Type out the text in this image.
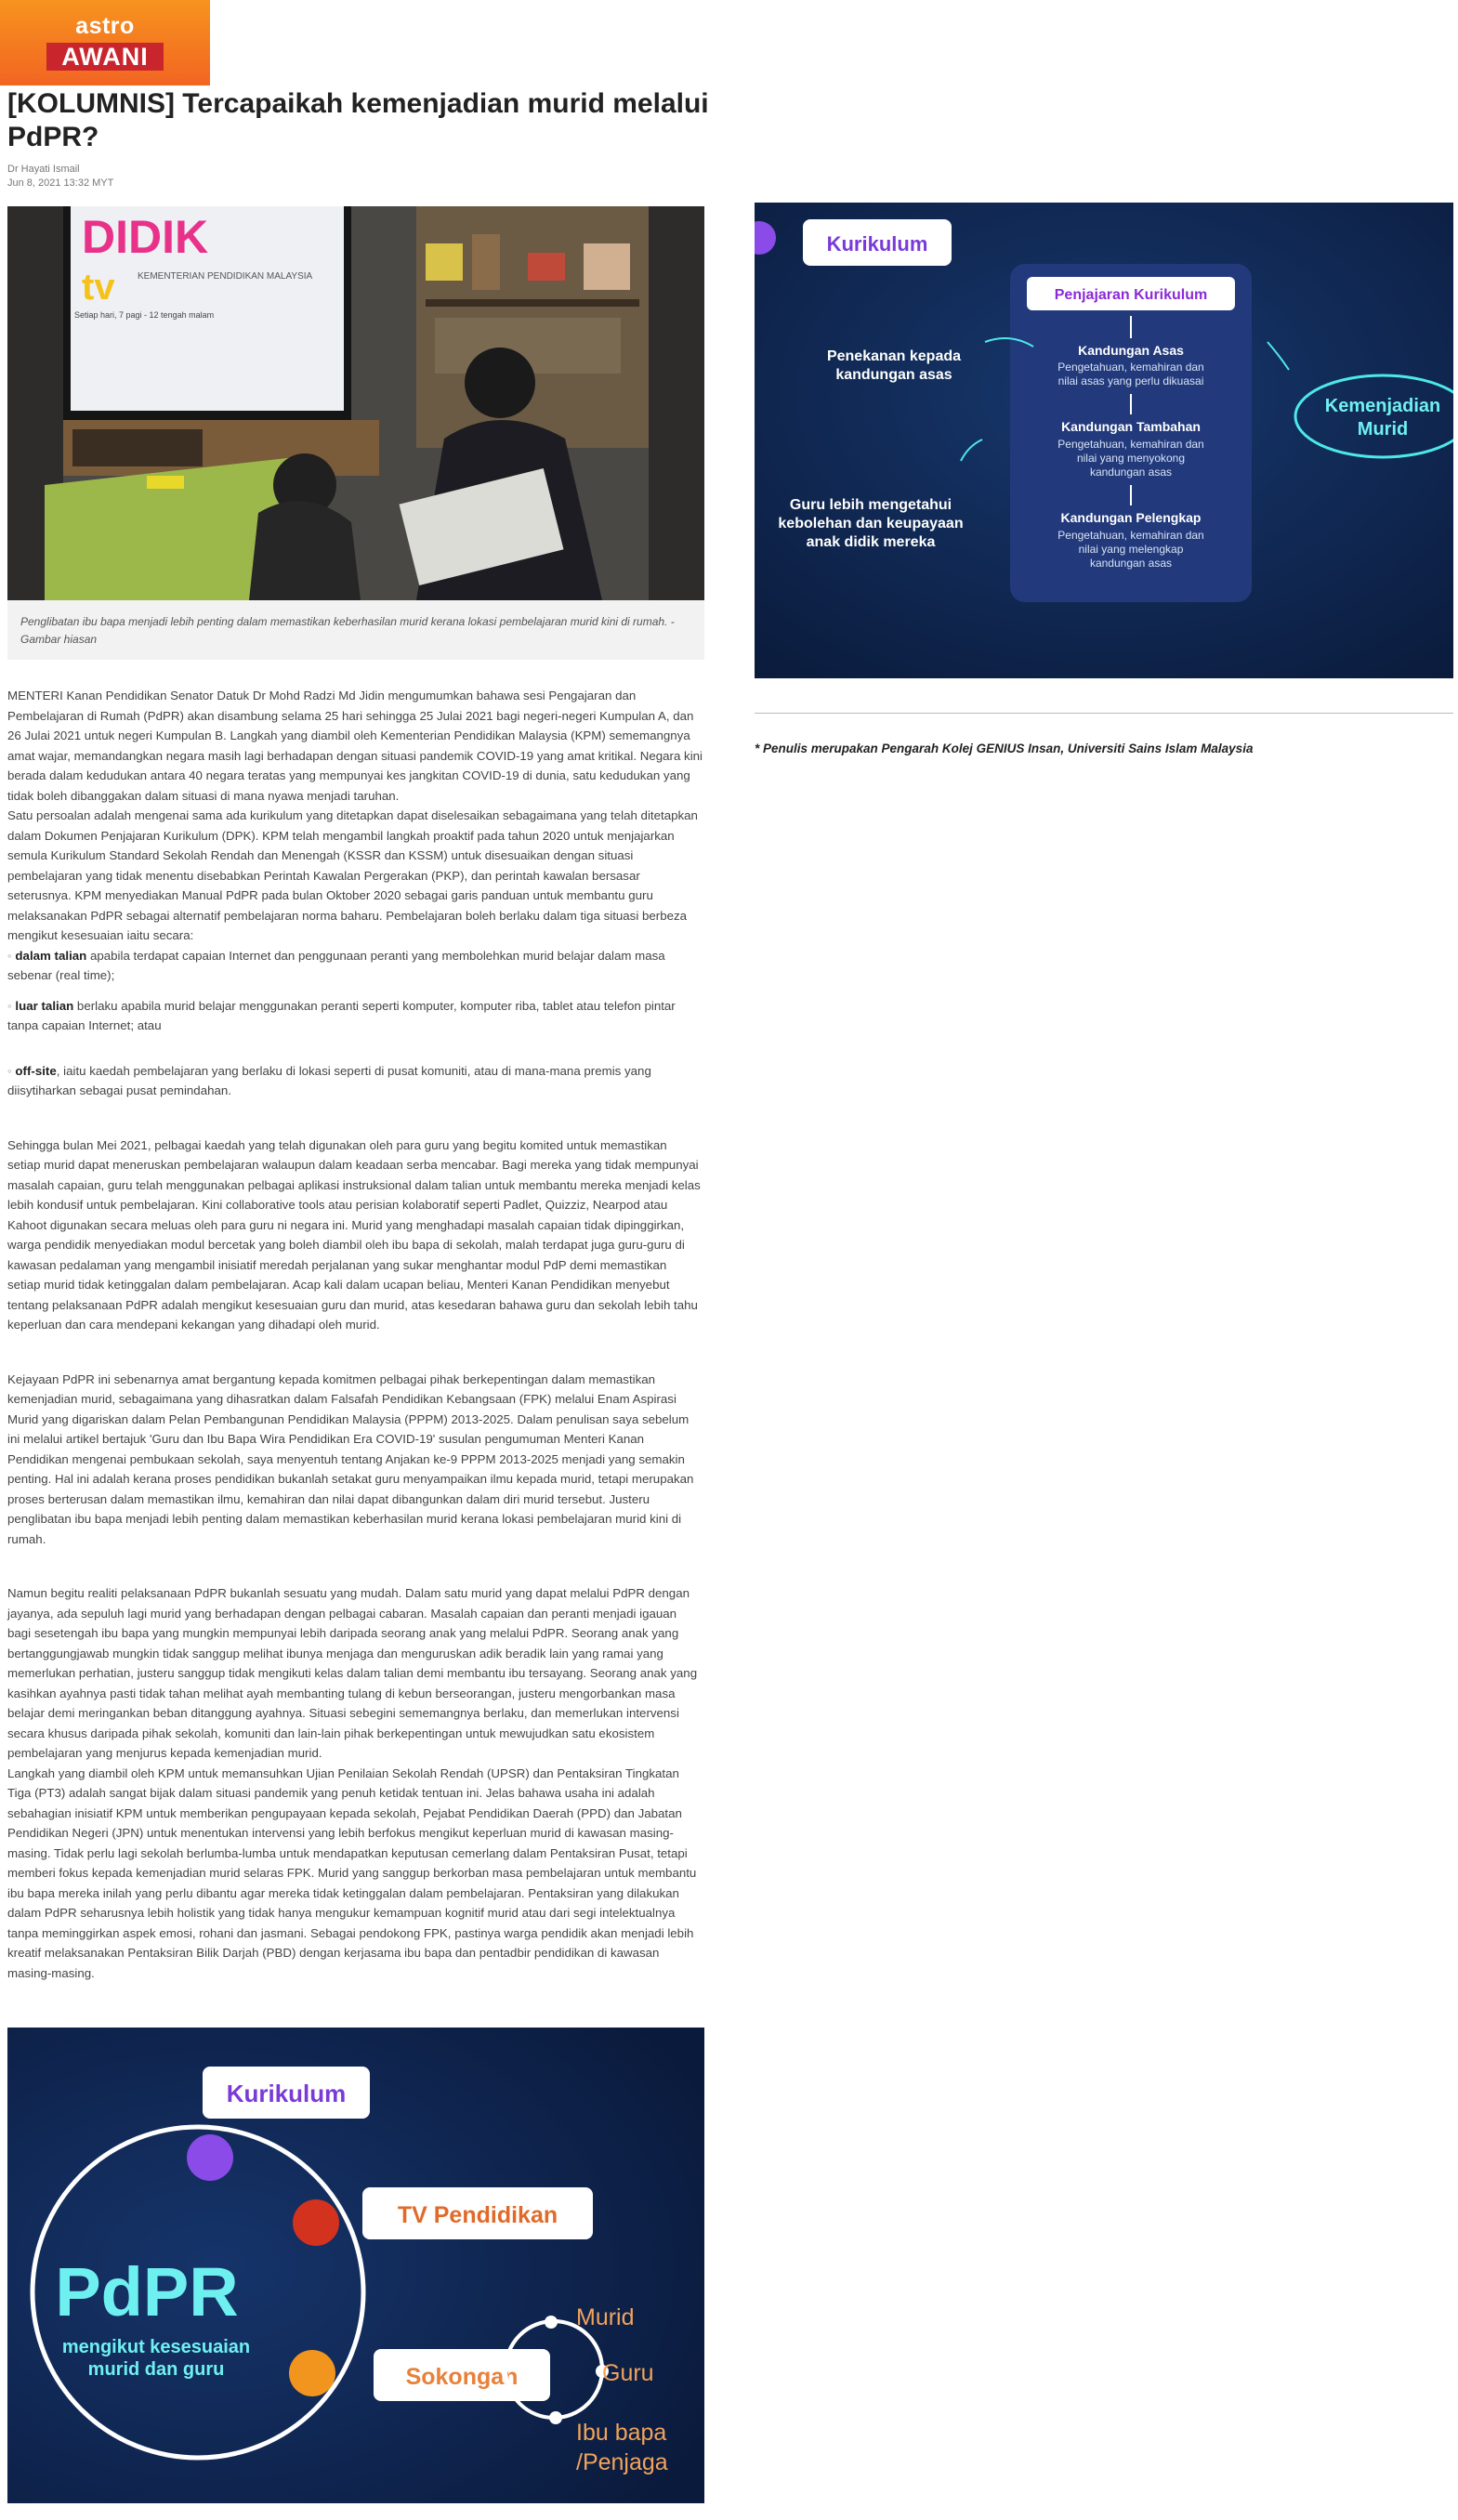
astro
AWANI
[KOLUMNIS] Tercapaikah kemenjadian murid melalui PdPR?
Dr Hayati Ismail
Jun 8, 2021 13:32 MYT
DIDIK
tv KEMENTERIAN PENDIDIKAN MALAYSIA
Setiap hari, 7 pagi - 12 tengah malam

Penglibatan ibu bapa menjadi lebih penting dalam memastikan keberhasilan murid kerana lokasi pembelajaran murid kini di rumah. - Gambar hiasan

MENTERI Kanan Pendidikan Senator Datuk Dr Mohd Radzi Md Jidin mengumumkan bahawa sesi Pengajaran dan Pembelajaran di Rumah (PdPR) akan disambung selama 25 hari sehingga 25 Julai 2021 bagi negeri-negeri Kumpulan A, dan 26 Julai 2021 untuk negeri Kumpulan B. Langkah yang diambil oleh Kementerian Pendidikan Malaysia (KPM) sememangnya amat wajar, memandangkan negara masih lagi berhadapan dengan situasi pandemik COVID-19 yang amat kritikal. Negara kini berada dalam kedudukan antara 40 negara teratas yang mempunyai kes jangkitan COVID-19 di dunia, satu kedudukan yang tidak boleh dibanggakan dalam situasi di mana nyawa menjadi taruhan.

Satu persoalan adalah mengenai sama ada kurikulum yang ditetapkan dapat diselesaikan sebagaimana yang telah ditetapkan dalam Dokumen Penjajaran Kurikulum (DPK). KPM telah mengambil langkah proaktif pada tahun 2020 untuk menjajarkan semula Kurikulum Standard Sekolah Rendah dan Menengah (KSSR dan KSSM) untuk disesuaikan dengan situasi pembelajaran yang tidak menentu disebabkan Perintah Kawalan Pergerakan (PKP), dan perintah kawalan bersasar seterusnya. KPM menyediakan Manual PdPR pada bulan Oktober 2020 sebagai garis panduan untuk membantu guru melaksanakan PdPR sebagai alternatif pembelajaran norma baharu. Pembelajaran boleh berlaku dalam tiga situasi berbeza mengikut kesesuaian iaitu secara:

◦ dalam talian apabila terdapat capaian Internet dan penggunaan peranti yang membolehkan murid belajar dalam masa sebenar (real time);

◦ luar talian berlaku apabila murid belajar menggunakan peranti seperti komputer, komputer riba, tablet atau telefon pintar tanpa capaian Internet; atau

◦ off-site, iaitu kaedah pembelajaran yang berlaku di lokasi seperti di pusat komuniti, atau di mana-mana premis yang diisytiharkan sebagai pusat pemindahan.

Sehingga bulan Mei 2021, pelbagai kaedah yang telah digunakan oleh para guru yang begitu komited untuk memastikan setiap murid dapat meneruskan pembelajaran walaupun dalam keadaan serba mencabar. Bagi mereka yang tidak mempunyai masalah capaian, guru telah menggunakan pelbagai aplikasi instruksional dalam talian untuk membantu mereka menjadi kelas lebih kondusif untuk pembelajaran. Kini collaborative tools atau perisian kolaboratif seperti Padlet, Quizziz, Nearpod atau Kahoot digunakan secara meluas oleh para guru ni negara ini. Murid yang menghadapi masalah capaian tidak dipinggirkan, warga pendidik menyediakan modul bercetak yang boleh diambil oleh ibu bapa di sekolah, malah terdapat juga guru-guru di kawasan pedalaman yang mengambil inisiatif meredah perjalanan yang sukar menghantar modul PdP demi memastikan setiap murid tidak ketinggalan dalam pembelajaran. Acap kali dalam ucapan beliau, Menteri Kanan Pendidikan menyebut tentang pelaksanaan PdPR adalah mengikut kesesuaian guru dan murid, atas kesedaran bahawa guru dan sekolah lebih tahu keperluan dan cara mendepani kekangan yang dihadapi oleh murid.

Kejayaan PdPR ini sebenarnya amat bergantung kepada komitmen pelbagai pihak berkepentingan dalam memastikan kemenjadian murid, sebagaimana yang dihasratkan dalam Falsafah Pendidikan Kebangsaan (FPK) melalui Enam Aspirasi Murid yang digariskan dalam Pelan Pembangunan Pendidikan Malaysia (PPPM) 2013-2025. Dalam penulisan saya sebelum ini melalui artikel bertajuk 'Guru dan Ibu Bapa Wira Pendidikan Era COVID-19' susulan pengumuman Menteri Kanan Pendidikan mengenai pembukaan sekolah, saya menyentuh tentang Anjakan ke-9 PPPM 2013-2025 menjadi yang semakin penting. Hal ini adalah kerana proses pendidikan bukanlah setakat guru menyampaikan ilmu kepada murid, tetapi merupakan proses berterusan dalam memastikan ilmu, kemahiran dan nilai dapat dibangunkan dalam diri murid tersebut. Justeru penglibatan ibu bapa menjadi lebih penting dalam memastikan keberhasilan murid kerana lokasi pembelajaran murid kini di rumah.

Namun begitu realiti pelaksanaan PdPR bukanlah sesuatu yang mudah. Dalam satu murid yang dapat melalui PdPR dengan jayanya, ada sepuluh lagi murid yang berhadapan dengan pelbagai cabaran. Masalah capaian dan peranti menjadi igauan bagi sesetengah ibu bapa yang mungkin mempunyai lebih daripada seorang anak yang melalui PdPR. Seorang anak yang bertanggungjawab mungkin tidak sanggup melihat ibunya menjaga dan menguruskan adik beradik lain yang ramai yang memerlukan perhatian, justeru sanggup tidak mengikuti kelas dalam talian demi membantu ibu tersayang. Seorang anak yang kasihkan ayahnya pasti tidak tahan melihat ayah membanting tulang di kebun berseorangan, justeru mengorbankan masa belajar demi meringankan beban ditanggung ayahnya. Situasi sebegini sememangnya berlaku, dan memerlukan intervensi secara khusus daripada pihak sekolah, komuniti dan lain-lain pihak berkepentingan untuk mewujudkan satu ekosistem pembelajaran yang menjurus kepada kemenjadian murid.

Langkah yang diambil oleh KPM untuk memansuhkan Ujian Penilaian Sekolah Rendah (UPSR) dan Pentaksiran Tingkatan Tiga (PT3) adalah sangat bijak dalam situasi pandemik yang penuh ketidak tentuan ini. Jelas bahawa usaha ini adalah sebahagian inisiatif KPM untuk memberikan pengupayaan kepada sekolah, Pejabat Pendidikan Daerah (PPD) dan Jabatan Pendidikan Negeri (JPN) untuk menentukan intervensi yang lebih berfokus mengikut keperluan murid di kawasan masing-masing. Tidak perlu lagi sekolah berlumba-lumba untuk mendapatkan keputusan cemerlang dalam Pentaksiran Pusat, tetapi memberi fokus kepada kemenjadian murid selaras FPK. Murid yang sanggup berkorban masa pembelajaran untuk membantu ibu bapa mereka inilah yang perlu dibantu agar mereka tidak ketinggalan dalam pembelajaran. Pentaksiran yang dilakukan dalam PdPR seharusnya lebih holistik yang tidak hanya mengukur kemampuan kognitif murid atau dari segi intelektualnya tanpa meminggirkan aspek emosi, rohani dan jasmani. Sebagai pendokong FPK, pastinya warga pendidik akan menjadi lebih kreatif melaksanakan Pentaksiran Bilik Darjah (PBD) dengan kerjasama ibu bapa dan pentadbir pendidikan di kawasan masing-masing.

Kurikulum
TV Pendidikan
Sokongan
PdPR
mengikut kesesuaian
murid dan guru
Murid
Guru
Ibu bapa
/Penjaga
Kurikulum
Penjajaran Kurikulum
Kandungan Asas
Pengetahuan, kemahiran dan
nilai asas yang perlu dikuasai
Kandungan Tambahan
Pengetahuan, kemahiran dan
nilai yang menyokong
kandungan asas
Kandungan Pelengkap
Pengetahuan, kemahiran dan
nilai yang melengkap
kandungan asas
Penekanan kepada
kandungan asas
Guru lebih mengetahui
kebolehan dan keupayaan
anak didik mereka
Kemenjadian
Murid
* Penulis merupakan Pengarah Kolej GENIUS Insan, Universiti Sains Islam Malaysia
